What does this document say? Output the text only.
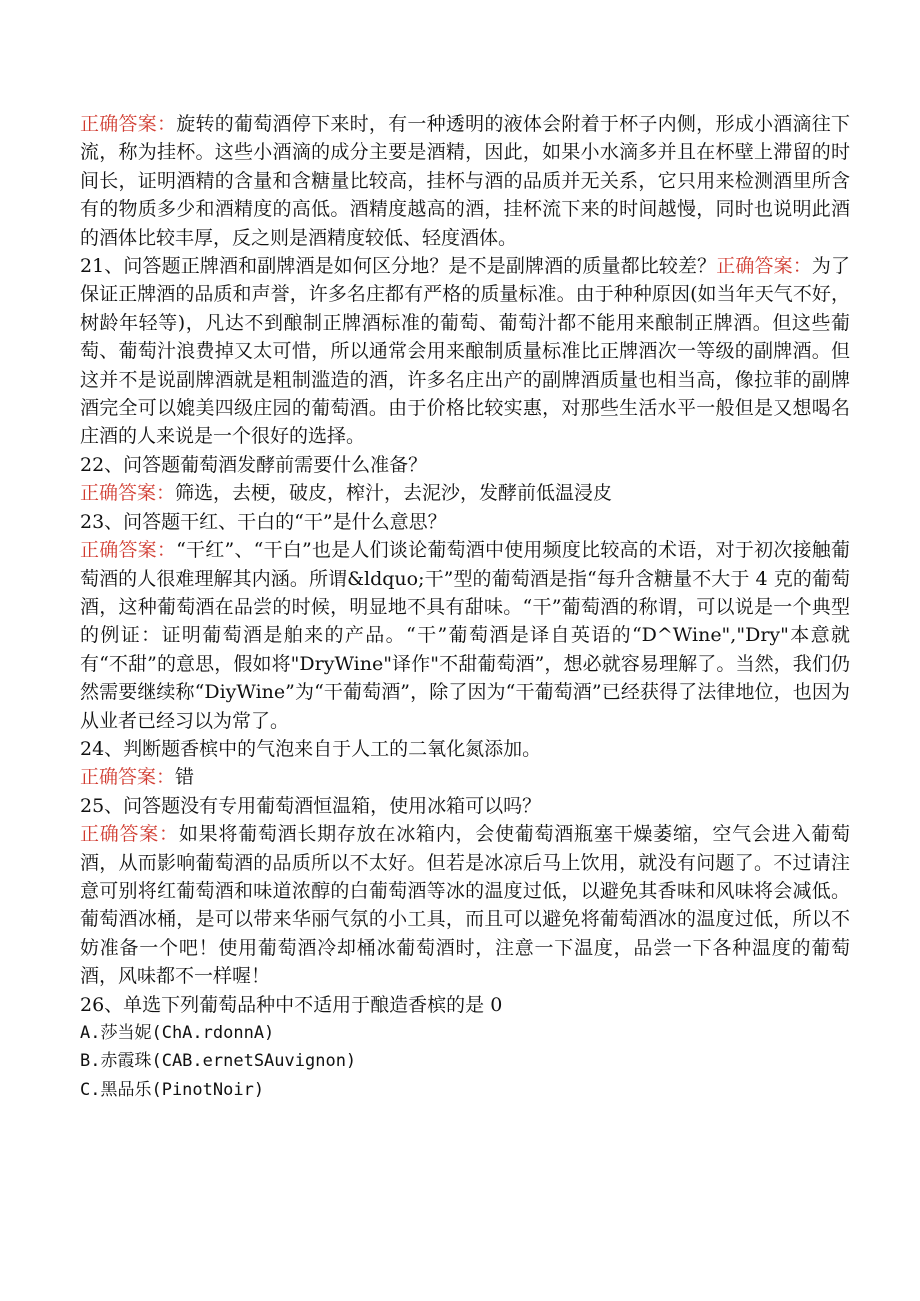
正确答案：旋转的葡萄酒停下来时，有一种透明的液体会附着于杯子内侧，形成小酒滴往下流，称为挂杯。这些小酒滴的成分主要是酒精，因此，如果小水滴多并且在杯壁上滞留的时间长，证明酒精的含量和含糖量比较高，挂杯与酒的品质并无关系，它只用来检测酒里所含有的物质多少和酒精度的高低。酒精度越高的酒，挂杯流下来的时间越慢，同时也说明此酒的酒体比较丰厚，反之则是酒精度较低、轻度酒体。

21、问答题正牌酒和副牌酒是如何区分地？是不是副牌酒的质量都比较差？正确答案：为了保证正牌酒的品质和声誉，许多名庄都有严格的质量标准。由于种种原因(如当年天气不好，树龄年轻等)，凡达不到酿制正牌酒标准的葡萄、葡萄汁都不能用来酿制正牌酒。但这些葡萄、葡萄汁浪费掉又太可惜，所以通常会用来酿制质量标准比正牌酒次一等级的副牌酒。但这并不是说副牌酒就是粗制滥造的酒，许多名庄出产的副牌酒质量也相当高，像拉菲的副牌酒完全可以媲美四级庄园的葡萄酒。由于价格比较实惠，对那些生活水平一般但是又想喝名庄酒的人来说是一个很好的选择。

22、问答题葡萄酒发酵前需要什么准备？

正确答案：筛选，去梗，破皮，榨汁，去泥沙，发酵前低温浸皮

23、问答题干红、干白的“干”是什么意思？

正确答案：“干红”、“干白”也是人们谈论葡萄酒中使用频度比较高的术语，对于初次接触葡萄酒的人很难理解其内涵。所谓&ldquo;干”型的葡萄酒是指“每升含糖量不大于 4 克的葡萄酒，这种葡萄酒在品尝的时候，明显地不具有甜味。“干”葡萄酒的称谓，可以说是一个典型的例证：证明葡萄酒是舶来的产品。“干”葡萄酒是译自英语的“D^Wine","Dry"本意就有“不甜”的意思，假如将"DryWine"译作"不甜葡萄酒”，想必就容易理解了。当然，我们仍然需要继续称“DiyWine”为“干葡萄酒”，除了因为“干葡萄酒”已经获得了法律地位，也因为从业者已经习以为常了。

24、判断题香槟中的气泡来自于人工的二氧化氮添加。

正确答案：错

25、问答题没有专用葡萄酒恒温箱，使用冰箱可以吗？

正确答案：如果将葡萄酒长期存放在冰箱内，会使葡萄酒瓶塞干燥萎缩，空气会进入葡萄酒，从而影响葡萄酒的品质所以不太好。但若是冰凉后马上饮用，就没有问题了。不过请注意可别将红葡萄酒和味道浓醇的白葡萄酒等冰的温度过低，以避免其香味和风味将会减低。葡萄酒冰桶，是可以带来华丽气氛的小工具，而且可以避免将葡萄酒冰的温度过低，所以不妨准备一个吧！使用葡萄酒冷却桶冰葡萄酒时，注意一下温度，品尝一下各种温度的葡萄酒，风味都不一样喔！

26、单选下列葡萄品种中不适用于酿造香槟的是 0

A.莎当妮(ChA.rdonnA)

B.赤霞珠(CAB.ernetSAuvignon)

C.黑品乐(PinotNoir)
